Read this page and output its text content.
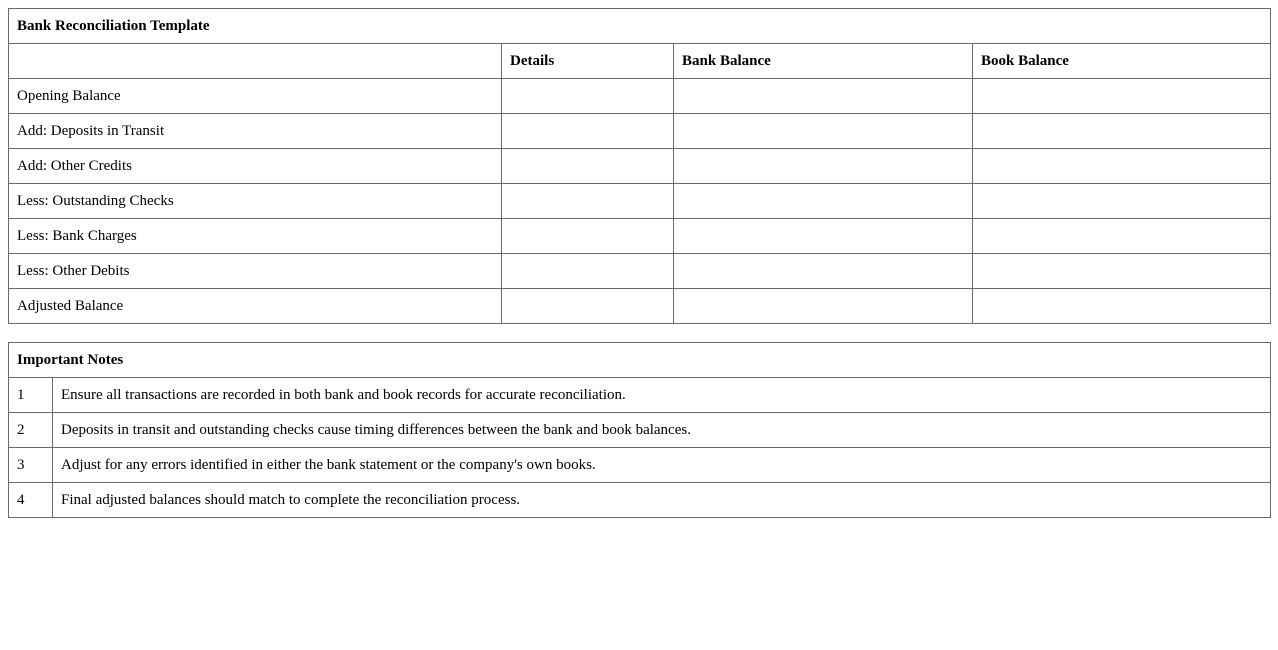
Bank Reconciliation Template			
	Details	Bank Balance	Book Balance
Opening Balance			
Add: Deposits in Transit			
Add: Other Credits			
Less: Outstanding Checks			
Less: Bank Charges			
Less: Other Debits			
Adjusted Balance			
Important Notes	
1	Ensure all transactions are recorded in both bank and book records for accurate reconciliation.
2	Deposits in transit and outstanding checks cause timing differences between the bank and book balances.
3	Adjust for any errors identified in either the bank statement or the company's own books.
4	Final adjusted balances should match to complete the reconciliation process.
